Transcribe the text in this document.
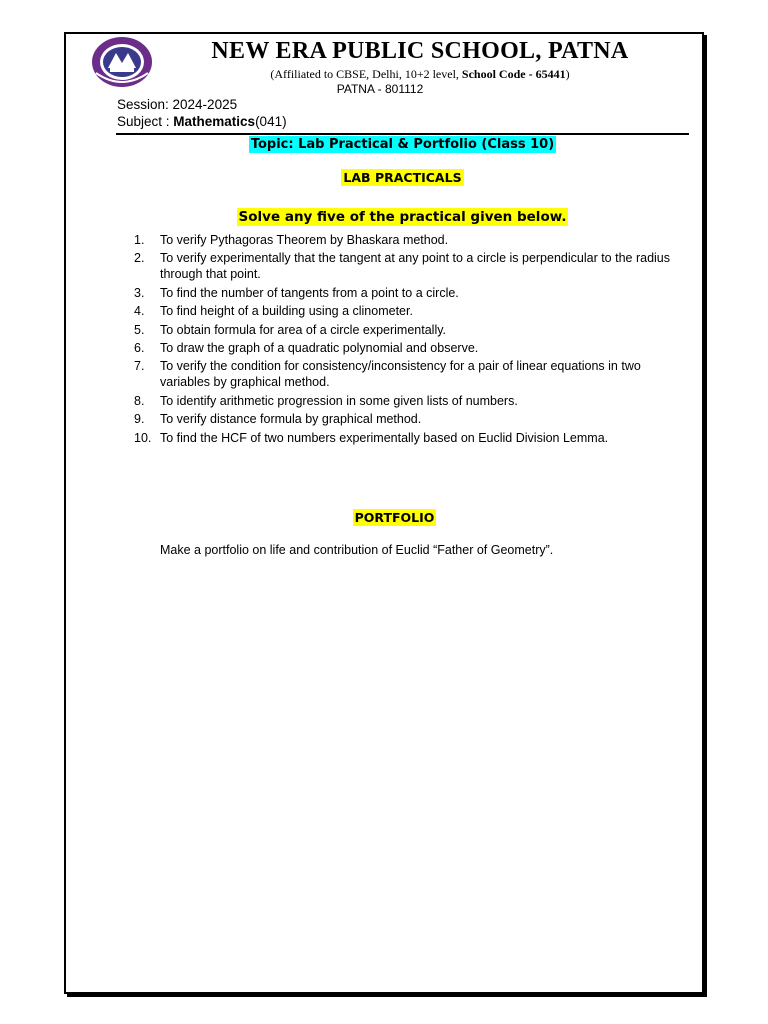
NEW ERA PUBLIC SCHOOL, PATNA
(Affiliated to CBSE, Delhi, 10+2 level, School Code - 65441)
PATNA - 801112
Session: 2024-2025
Subject : Mathematics(041)
Topic: Lab Practical & Portfolio (Class 10)
LAB PRACTICALS
Solve any five of the practical given below.
1.	To verify Pythagoras Theorem by Bhaskara method.
2.	To verify experimentally that the tangent at any point to a circle is perpendicular to the radius through that point.
3.	To find the number of tangents from a point to a circle.
4.	To find height of a building using a clinometer.
5.	To obtain formula for area of a circle experimentally.
6.	To draw the graph of a quadratic polynomial and observe.
7.	To verify the condition for consistency/inconsistency for a pair of linear equations in two variables by graphical method.
8.	To identify arithmetic progression in some given lists of numbers.
9.	To verify distance formula by graphical method.
10. To find the HCF of two numbers experimentally based on Euclid Division Lemma.
PORTFOLIO
Make a portfolio on life and contribution of Euclid “Father of Geometry”.
